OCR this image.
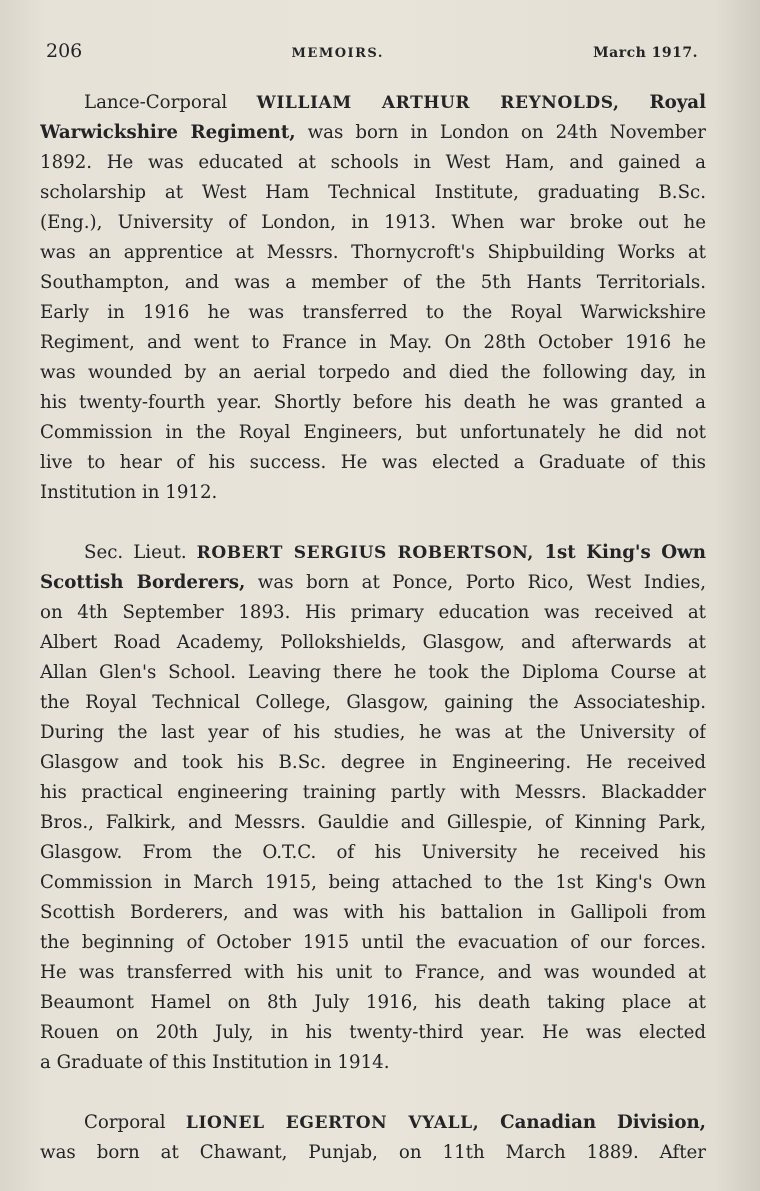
206	MEMOIRS.	March 1917.

Lance-Corporal WILLIAM ARTHUR REYNOLDS, Royal
Warwickshire Regiment, was born in London on 24th November
1892. He was educated at schools in West Ham, and gained a
scholarship at West Ham Technical Institute, graduating B.Sc.
(Eng.), University of London, in 1913. When war broke out he
was an apprentice at Messrs. Thornycroft's Shipbuilding Works at
Southampton, and was a member of the 5th Hants Territorials.
Early in 1916 he was transferred to the Royal Warwickshire
Regiment, and went to France in May. On 28th October 1916 he
was wounded by an aerial torpedo and died the following day, in
his twenty-fourth year. Shortly before his death he was granted a
Commission in the Royal Engineers, but unfortunately he did not
live to hear of his success. He was elected a Graduate of this
Institution in 1912.

Sec. Lieut. ROBERT SERGIUS ROBERTSON, 1st King's Own
Scottish Borderers, was born at Ponce, Porto Rico, West Indies,
on 4th September 1893. His primary education was received at
Albert Road Academy, Pollokshields, Glasgow, and afterwards at
Allan Glen's School. Leaving there he took the Diploma Course at
the Royal Technical College, Glasgow, gaining the Associateship.
During the last year of his studies, he was at the University of
Glasgow and took his B.Sc. degree in Engineering. He received
his practical engineering training partly with Messrs. Blackadder
Bros., Falkirk, and Messrs. Gauldie and Gillespie, of Kinning Park,
Glasgow. From the O.T.C. of his University he received his
Commission in March 1915, being attached to the 1st King's Own
Scottish Borderers, and was with his battalion in Gallipoli from
the beginning of October 1915 until the evacuation of our forces.
He was transferred with his unit to France, and was wounded at
Beaumont Hamel on 8th July 1916, his death taking place at
Rouen on 20th July, in his twenty-third year. He was elected
a Graduate of this Institution in 1914.

Corporal LIONEL EGERTON VYALL, Canadian Division,
was born at Chawant, Punjab, on 11th March 1889. After
